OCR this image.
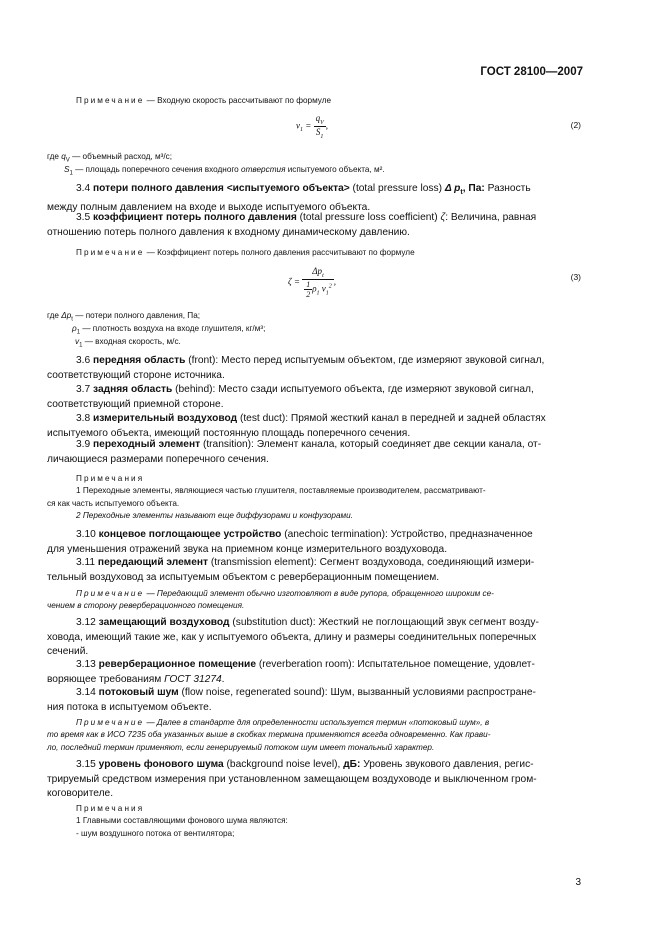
ГОСТ 28100—2007
Примечание — Входную скорость рассчитывают по формуле
$v_1 = \frac{q_V}{S_1}$ ,	(2)
где $q_V$ — объемный расход, м³/с;
$S_1$ — площадь поперечного сечения входного отверстия испытуемого объекта, м².
3.4 потери полного давления <испытуемого объекта> (total pressure loss) Δ $p_t$, Па: Разность
между полным давлением на входе и выходе испытуемого объекта.
3.5 коэффициент потерь полного давления (total pressure loss coefficient) ζ: Величина, равная
отношению потерь полного давления к входному динамическому давлению.
Примечание — Коэффициент потерь полного давления рассчитывают по формуле
$\zeta = \frac{\Delta p_t}{\frac{1}{2} \rho_1 v_1^2}$ ,	(3)
где $\Delta p_t$ — потери полного давления, Па;
$\rho_1$ — плотность воздуха на входе глушителя, кг/м³;
$v_1$ — входная скорость, м/с.
3.6 передняя область (front): Место перед испытуемым объектом, где измеряют звуковой сигнал,
соответствующий стороне источника.
3.7 задняя область (behind): Место сзади испытуемого объекта, где измеряют звуковой сигнал,
соответствующий приемной стороне.
3.8 измерительный воздуховод (test duct): Прямой жесткий канал в передней и задней областях
испытуемого объекта, имеющий постоянную площадь поперечного сечения.
3.9 переходный элемент (transition): Элемент канала, который соединяет две секции канала, от-
личающиеся размерами поперечного сечения.
Примечания
1 Переходные элементы, являющиеся частью глушителя, поставляемые производителем, рассматривают-
ся как часть испытуемого объекта.
2 Переходные элементы называют еще диффузорами и конфузорами.
3.10 концевое поглощающее устройство (anechoic termination): Устройство, предназначенное
для уменьшения отражений звука на приемном конце измерительного воздуховода.
3.11 передающий элемент (transmission element): Сегмент воздуховода, соединяющий измери-
тельный воздуховод за испытуемым объектом с реверберационным помещением.
Примечание — Передающий элемент обычно изготовляют в виде рупора, обращенного широким се-
чением в сторону реверберационного помещения.
3.12 замещающий воздуховод (substitution duct): Жесткий не поглощающий звук сегмент возду-
ховода, имеющий такие же, как у испытуемого объекта, длину и размеры соединительных поперечных
сечений.
3.13 реверберационное помещение (reverberation room): Испытательное помещение, удовлет-
воряющее требованиям ГОСТ 31274.
3.14 потоковый шум (flow noise, regenerated sound): Шум, вызванный условиями распростране-
ния потока в испытуемом объекте.
Примечание — Далее в стандарте для определенности используется термин «потоковый шум», в
то время как в ИСО 7235 оба указанных выше в скобках термина применяются всегда одновременно. Как прави-
ло, последний термин применяют, если генерируемый потоком шум имеет тональный характер.
3.15 уровень фонового шума (background noise level), дБ: Уровень звукового давления, регис-
трируемый средством измерения при установленном замещающем воздуховоде и выключенном гром-
коговорителе.
Примечания
1 Главными составляющими фонового шума являются:
- шум воздушного потока от вентилятора;
3
